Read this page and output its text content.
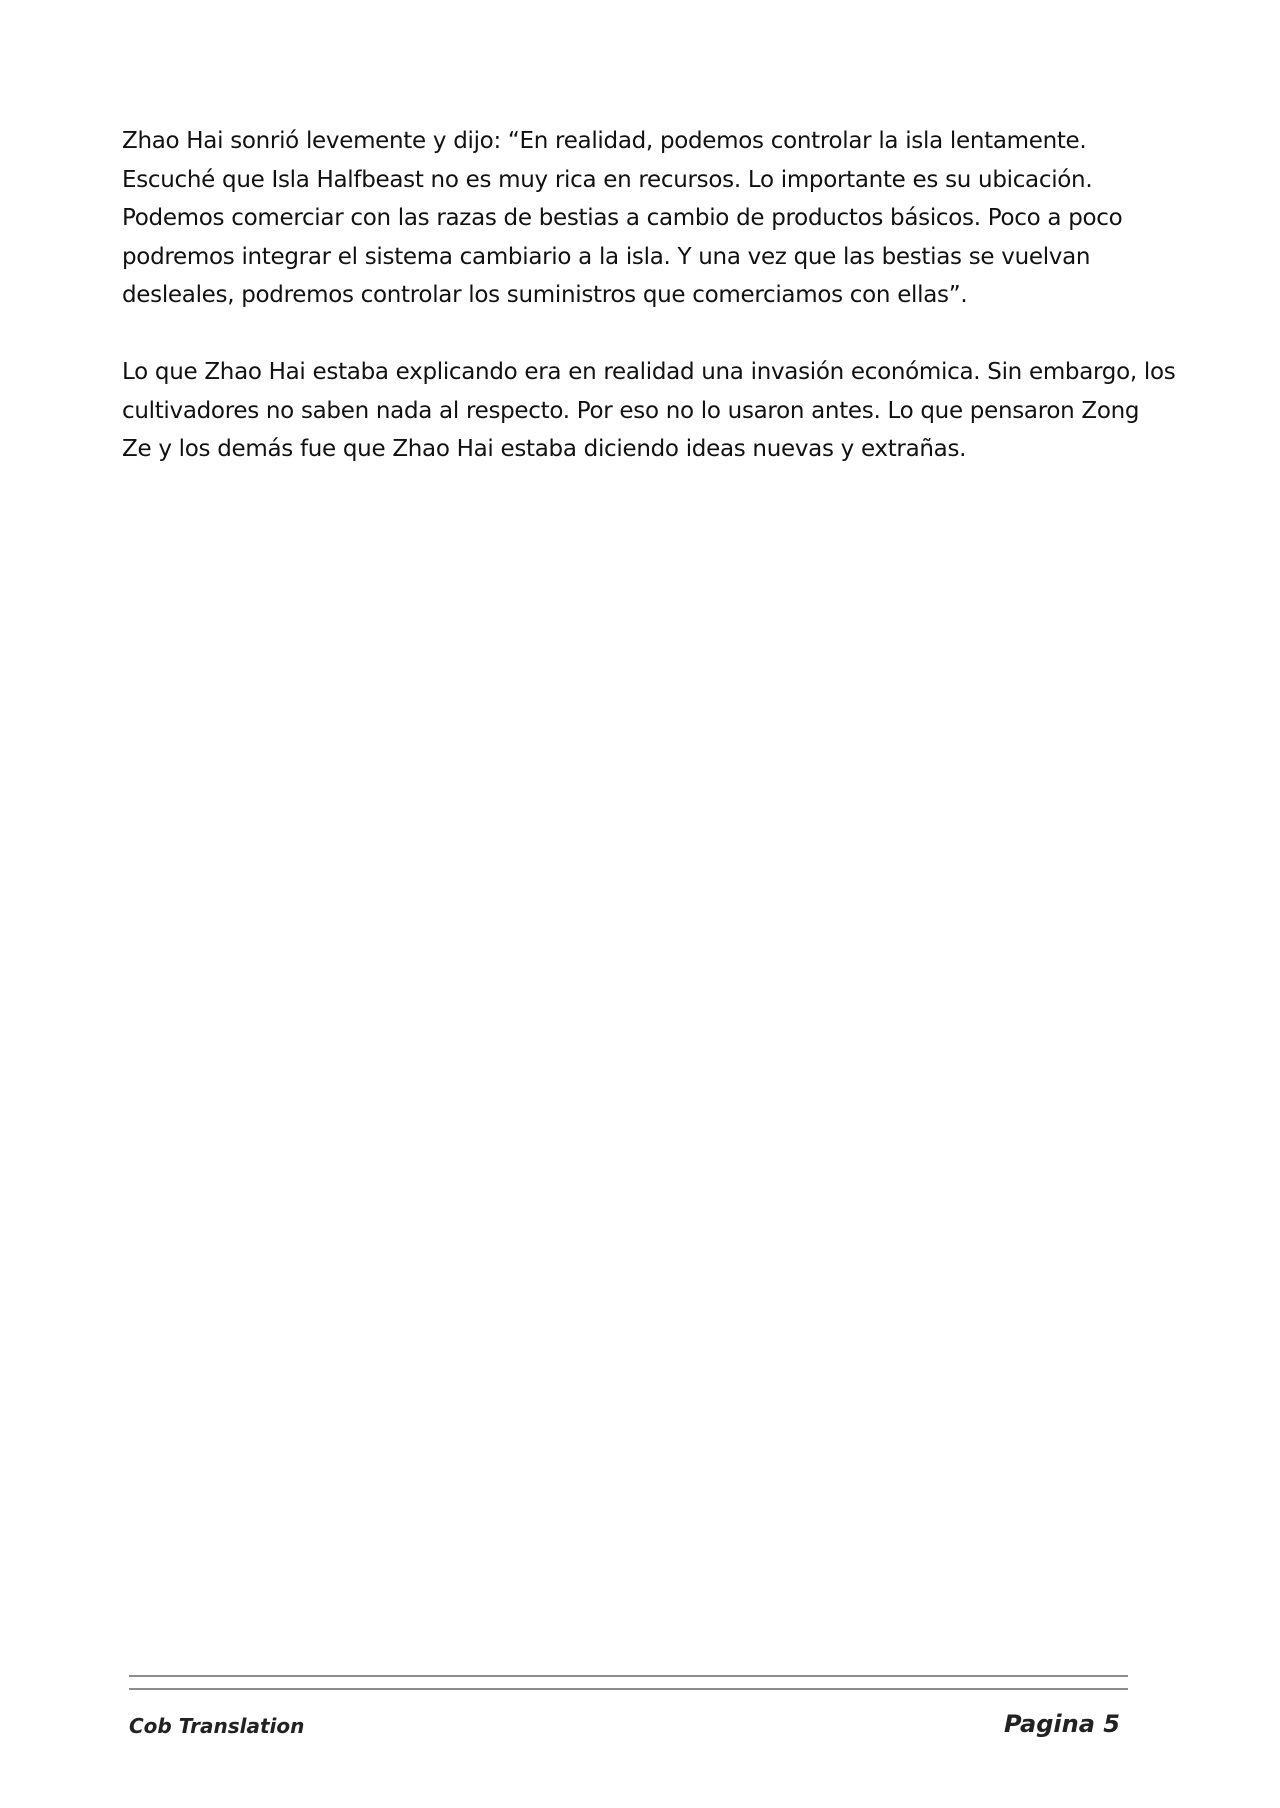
Zhao Hai sonrió levemente y dijo: “En realidad, podemos controlar la isla lentamente.
Escuché que Isla Halfbeast no es muy rica en recursos. Lo importante es su ubicación.
Podemos comerciar con las razas de bestias a cambio de productos básicos. Poco a poco
podremos integrar el sistema cambiario a la isla. Y una vez que las bestias se vuelvan
desleales, podremos controlar los suministros que comerciamos con ellas”.
Lo que Zhao Hai estaba explicando era en realidad una invasión económica. Sin embargo, los
cultivadores no saben nada al respecto. Por eso no lo usaron antes. Lo que pensaron Zong
Ze y los demás fue que Zhao Hai estaba diciendo ideas nuevas y extrañas.
Cob Translation	Pagina 5
